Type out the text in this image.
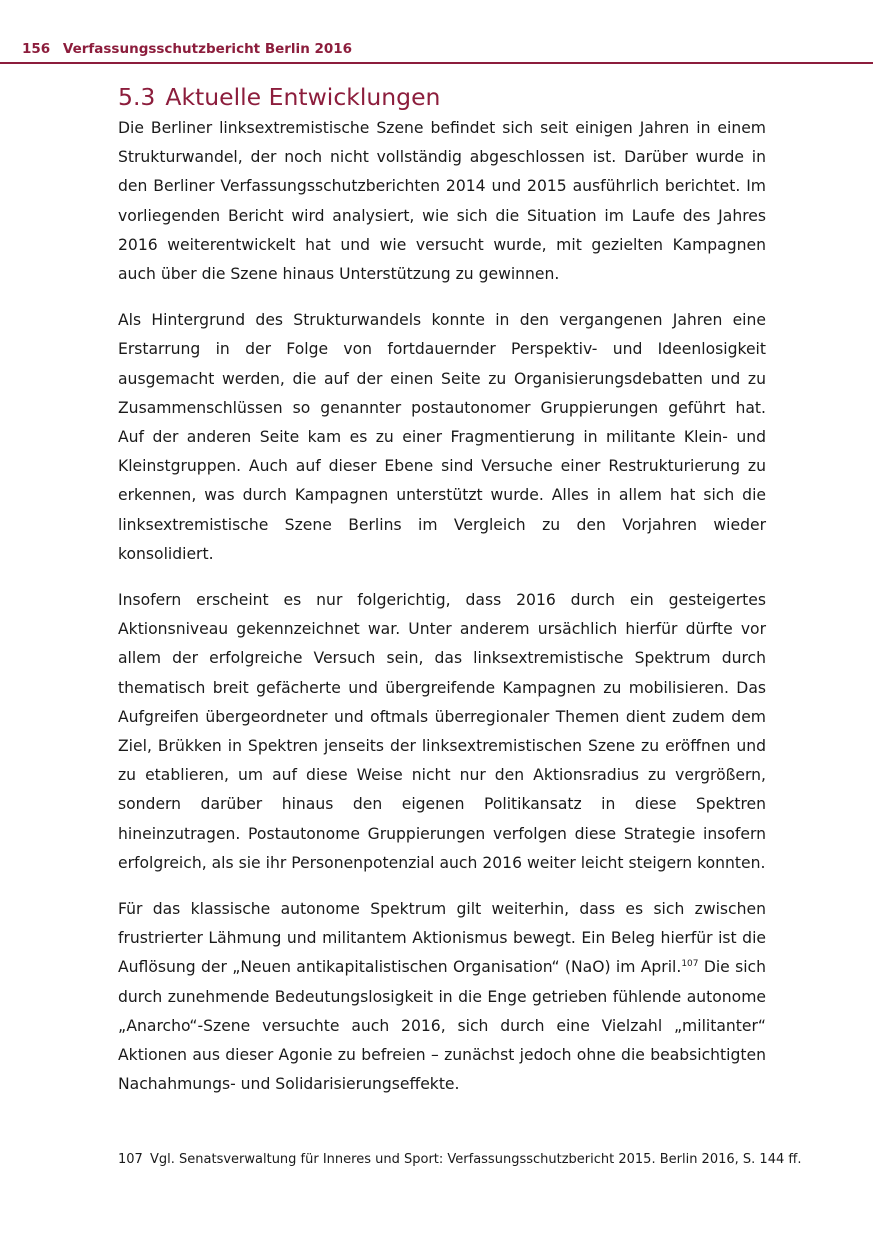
156 Verfassungsschutzbericht Berlin 2016
5.3 Aktuelle Entwicklungen

Die Berliner linksextremistische Szene befindet sich seit einigen Jahren in einem Strukturwandel, der noch nicht vollständig abgeschlossen ist. Darüber wurde in den Berliner Verfassungsschutzberichten 2014 und 2015 ausführlich berichtet. Im vorliegenden Bericht wird analysiert, wie sich die Situation im Laufe des Jahres 2016 weiterentwickelt hat und wie versucht wurde, mit gezielten Kampagnen auch über die Szene hinaus Unterstützung zu gewinnen.

Als Hintergrund des Strukturwandels konnte in den vergangenen Jahren eine Erstarrung in der Folge von fortdauernder Perspektiv- und Ideenlosigkeit ausgemacht werden, die auf der einen Seite zu Organisierungsdebatten und zu Zusammenschlüssen so genannter postautonomer Gruppierungen geführt hat. Auf der anderen Seite kam es zu einer Fragmentierung in militante Klein- und Kleinstgruppen. Auch auf dieser Ebene sind Versuche einer Restrukturierung zu erkennen, was durch Kampagnen unterstützt wurde. Alles in allem hat sich die linksextremistische Szene Berlins im Vergleich zu den Vorjahren wieder konsolidiert.

Insofern erscheint es nur folgerichtig, dass 2016 durch ein gesteigertes Aktionsniveau gekennzeichnet war. Unter anderem ursächlich hierfür dürfte vor allem der erfolgreiche Versuch sein, das linksextremistische Spektrum durch thematisch breit gefächerte und übergreifende Kampagnen zu mobilisieren. Das Aufgreifen übergeordneter und oftmals überregionaler Themen dient zudem dem Ziel, Brükken in Spektren jenseits der linksextremistischen Szene zu eröffnen und zu etablieren, um auf diese Weise nicht nur den Aktionsradius zu vergrößern, sondern darüber hinaus den eigenen Politikansatz in diese Spektren hineinzutragen. Postautonome Gruppierungen verfolgen diese Strategie insofern erfolgreich, als sie ihr Personenpotenzial auch 2016 weiter leicht steigern konnten.

Für das klassische autonome Spektrum gilt weiterhin, dass es sich zwischen frustrierter Lähmung und militantem Aktionismus bewegt. Ein Beleg hierfür ist die Auflösung der „Neuen antikapitalistischen Organisation“ (NaO) im April.$^{107}$ Die sich durch zunehmende Bedeutungslosigkeit in die Enge getrieben fühlende autonome „Anarcho“-Szene versuchte auch 2016, sich durch eine Vielzahl „militanter“ Aktionen aus dieser Agonie zu befreien – zunächst jedoch ohne die beabsichtigten Nachahmungs- und Solidarisierungseffekte.

107 Vgl. Senatsverwaltung für Inneres und Sport: Verfassungsschutzbericht 2015. Berlin 2016, S. 144 ff.
